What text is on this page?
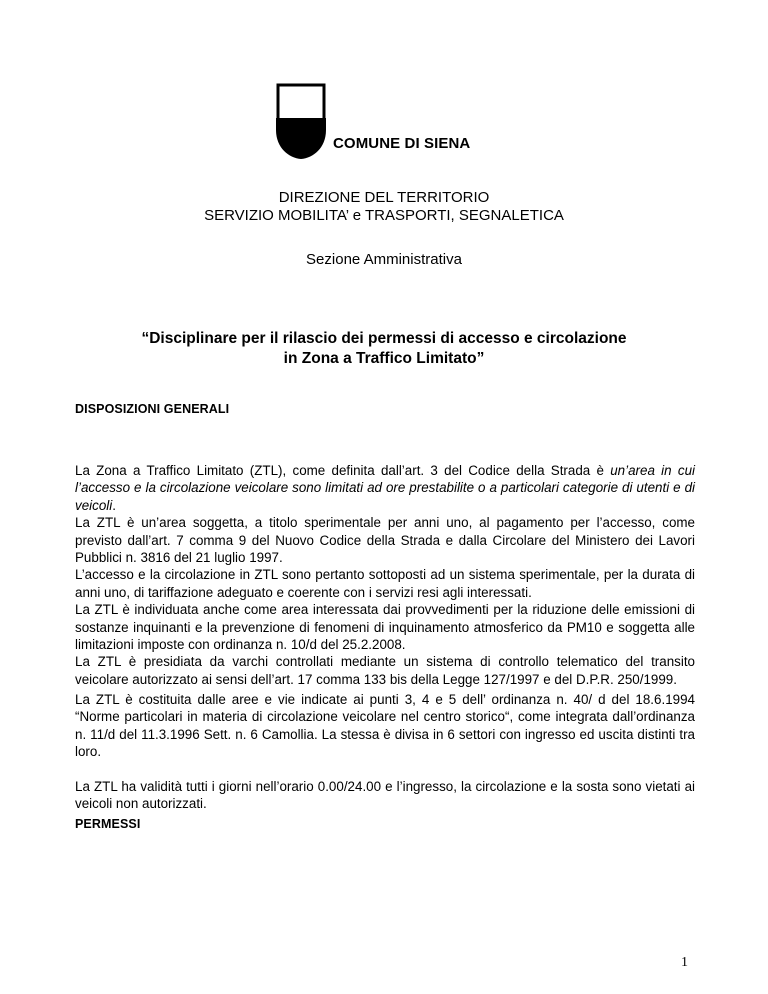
COMUNE DI SIENA
DIREZIONE DEL TERRITORIO
SERVIZIO MOBILITA’ e TRASPORTI, SEGNALETICA
Sezione Amministrativa
“Disciplinare per il rilascio dei permessi di accesso e circolazione
in Zona a Traffico Limitato”
DISPOSIZIONI GENERALI

La Zona a Traffico Limitato (ZTL), come definita dall’art. 3 del Codice della Strada è un’area in cui l’accesso e la circolazione veicolare sono limitati ad ore prestabilite o a particolari categorie di utenti e di veicoli.

La ZTL è un’area soggetta, a titolo sperimentale per anni uno, al pagamento per l’accesso, come previsto dall’art. 7 comma 9 del Nuovo Codice della Strada e dalla Circolare del Ministero dei Lavori Pubblici n. 3816 del 21 luglio 1997.

L’accesso e la circolazione in ZTL sono pertanto sottoposti ad un sistema sperimentale, per la durata di anni uno, di tariffazione adeguato e coerente con i servizi resi agli interessati.

La ZTL è individuata anche come area interessata dai provvedimenti per la riduzione delle emissioni di sostanze inquinanti e la prevenzione di fenomeni di inquinamento atmosferico da PM10 e soggetta alle limitazioni imposte con ordinanza n. 10/d del 25.2.2008.

La ZTL è presidiata da varchi controllati mediante un sistema di controllo telematico del transito veicolare autorizzato ai sensi dell’art. 17 comma 133 bis della Legge 127/1997 e del D.P.R. 250/1999.

La ZTL è costituita dalle aree e vie indicate ai punti 3, 4 e 5 dell’ ordinanza n. 40/ d del 18.6.1994 “Norme particolari in materia di circolazione veicolare nel centro storico“, come integrata dall’ordinanza n. 11/d del 11.3.1996 Sett. n. 6 Camollia. La stessa è divisa in 6 settori con ingresso ed uscita distinti tra loro.

La ZTL ha validità tutti i giorni nell’orario 0.00/24.00 e l’ingresso, la circolazione e la sosta sono vietati ai veicoli non autorizzati.

PERMESSI
1
